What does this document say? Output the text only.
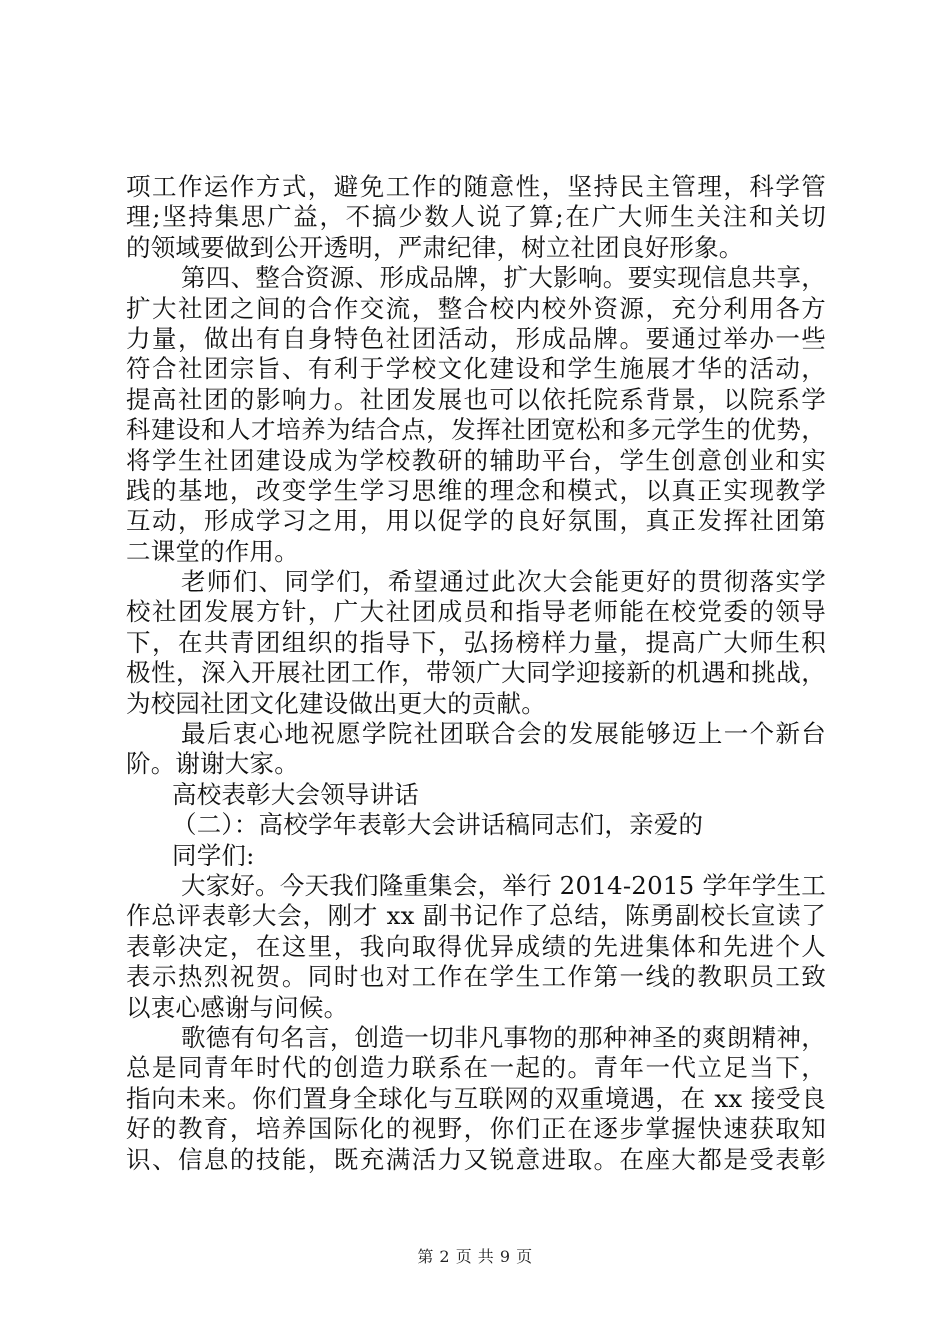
项工作运作方式，避免工作的随意性，坚持民主管理，科学管
理;坚持集思广益，不搞少数人说了算;在广大师生关注和关切
的领域要做到公开透明，严肃纪律，树立社团良好形象。
第四、整合资源、形成品牌，扩大影响。要实现信息共享，
扩大社团之间的合作交流，整合校内校外资源，充分利用各方
力量，做出有自身特色社团活动，形成品牌。要通过举办一些
符合社团宗旨、有利于学校文化建设和学生施展才华的活动，
提高社团的影响力。社团发展也可以依托院系背景，以院系学
科建设和人才培养为结合点，发挥社团宽松和多元学生的优势，
将学生社团建设成为学校教研的辅助平台，学生创意创业和实
践的基地，改变学生学习思维的理念和模式，以真正实现教学
互动，形成学习之用，用以促学的良好氛围，真正发挥社团第
二课堂的作用。
老师们、同学们，希望通过此次大会能更好的贯彻落实学
校社团发展方针，广大社团成员和指导老师能在校党委的领导
下，在共青团组织的指导下，弘扬榜样力量，提高广大师生积
极性，深入开展社团工作，带领广大同学迎接新的机遇和挑战，
为校园社团文化建设做出更大的贡献。
最后衷心地祝愿学院社团联合会的发展能够迈上一个新台
阶。谢谢大家。
高校表彰大会领导讲话
（二）：高校学年表彰大会讲话稿同志们，亲爱的
同学们:
大家好。今天我们隆重集会，举行 2014-2015 学年学生工
作总评表彰大会，刚才 xx 副书记作了总结，陈勇副校长宣读了
表彰决定，在这里，我向取得优异成绩的先进集体和先进个人
表示热烈祝贺。同时也对工作在学生工作第一线的教职员工致
以衷心感谢与问候。
歌德有句名言，创造一切非凡事物的那种神圣的爽朗精神，
总是同青年时代的创造力联系在一起的。青年一代立足当下，
指向未来。你们置身全球化与互联网的双重境遇，在 xx 接受良
好的教育，培养国际化的视野，你们正在逐步掌握快速获取知
识、信息的技能，既充满活力又锐意进取。在座大都是受表彰
第 2 页 共 9 页
